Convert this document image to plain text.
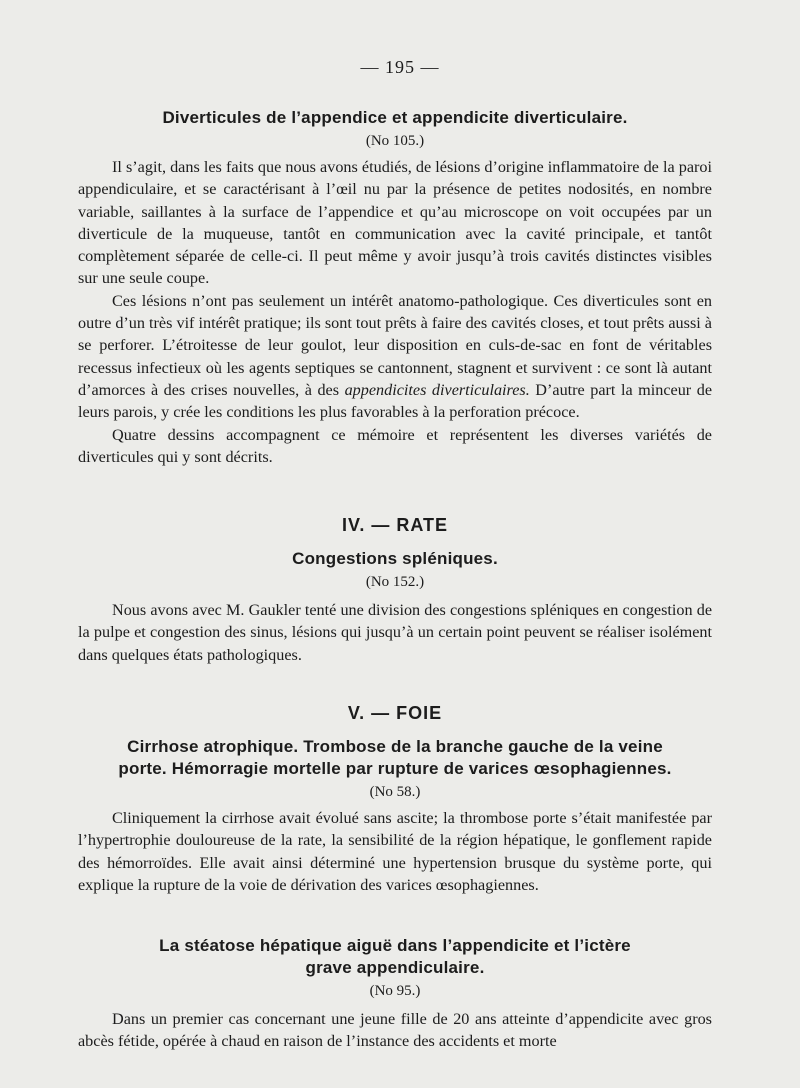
— 195 —
Diverticules de l’appendice et appendicite diverticulaire.
(No 105.)

Il s’agit, dans les faits que nous avons étudiés, de lésions d’origine inflammatoire de la paroi appendiculaire, et se caractérisant à l’œil nu par la présence de petites nodosités, en nombre variable, saillantes à la surface de l’appendice et qu’au microscope on voit occupées par un diverticule de la muqueuse, tantôt en communication avec la cavité principale, et tantôt complètement séparée de celle-ci. Il peut même y avoir jusqu’à trois cavités distinctes visibles sur une seule coupe.

Ces lésions n’ont pas seulement un intérêt anatomo-pathologique. Ces diverticules sont en outre d’un très vif intérêt pratique; ils sont tout prêts à faire des cavités closes, et tout prêts aussi à se perforer. L’étroitesse de leur goulot, leur disposition en culs-de-sac en font de véritables recessus infectieux où les agents septiques se cantonnent, stagnent et survivent : ce sont là autant d’amorces à des crises nouvelles, à des appendicites diverticulaires. D’autre part la minceur de leurs parois, y crée les conditions les plus favorables à la perforation précoce.

Quatre dessins accompagnent ce mémoire et représentent les diverses variétés de diverticules qui y sont décrits.

IV. — RATE
Congestions spléniques.
(No 152.)

Nous avons avec M. Gaukler tenté une division des congestions spléniques en congestion de la pulpe et congestion des sinus, lésions qui jusqu’à un certain point peuvent se réaliser isolément dans quelques états pathologiques.

V. — FOIE
Cirrhose atrophique. Trombose de la branche gauche de la veine
porte. Hémorragie mortelle par rupture de varices œsophagiennes.
(No 58.)

Cliniquement la cirrhose avait évolué sans ascite; la thrombose porte s’était manifestée par l’hypertrophie douloureuse de la rate, la sensibilité de la région hépatique, le gonflement rapide des hémorroïdes. Elle avait ainsi déterminé une hypertension brusque du système porte, qui explique la rupture de la voie de dérivation des varices œsophagiennes.

La stéatose hépatique aiguë dans l’appendicite et l’ictère
grave appendiculaire.
(No 95.)

Dans un premier cas concernant une jeune fille de 20 ans atteinte d’appendicite avec gros abcès fétide, opérée à chaud en raison de l’instance des accidents et morte
